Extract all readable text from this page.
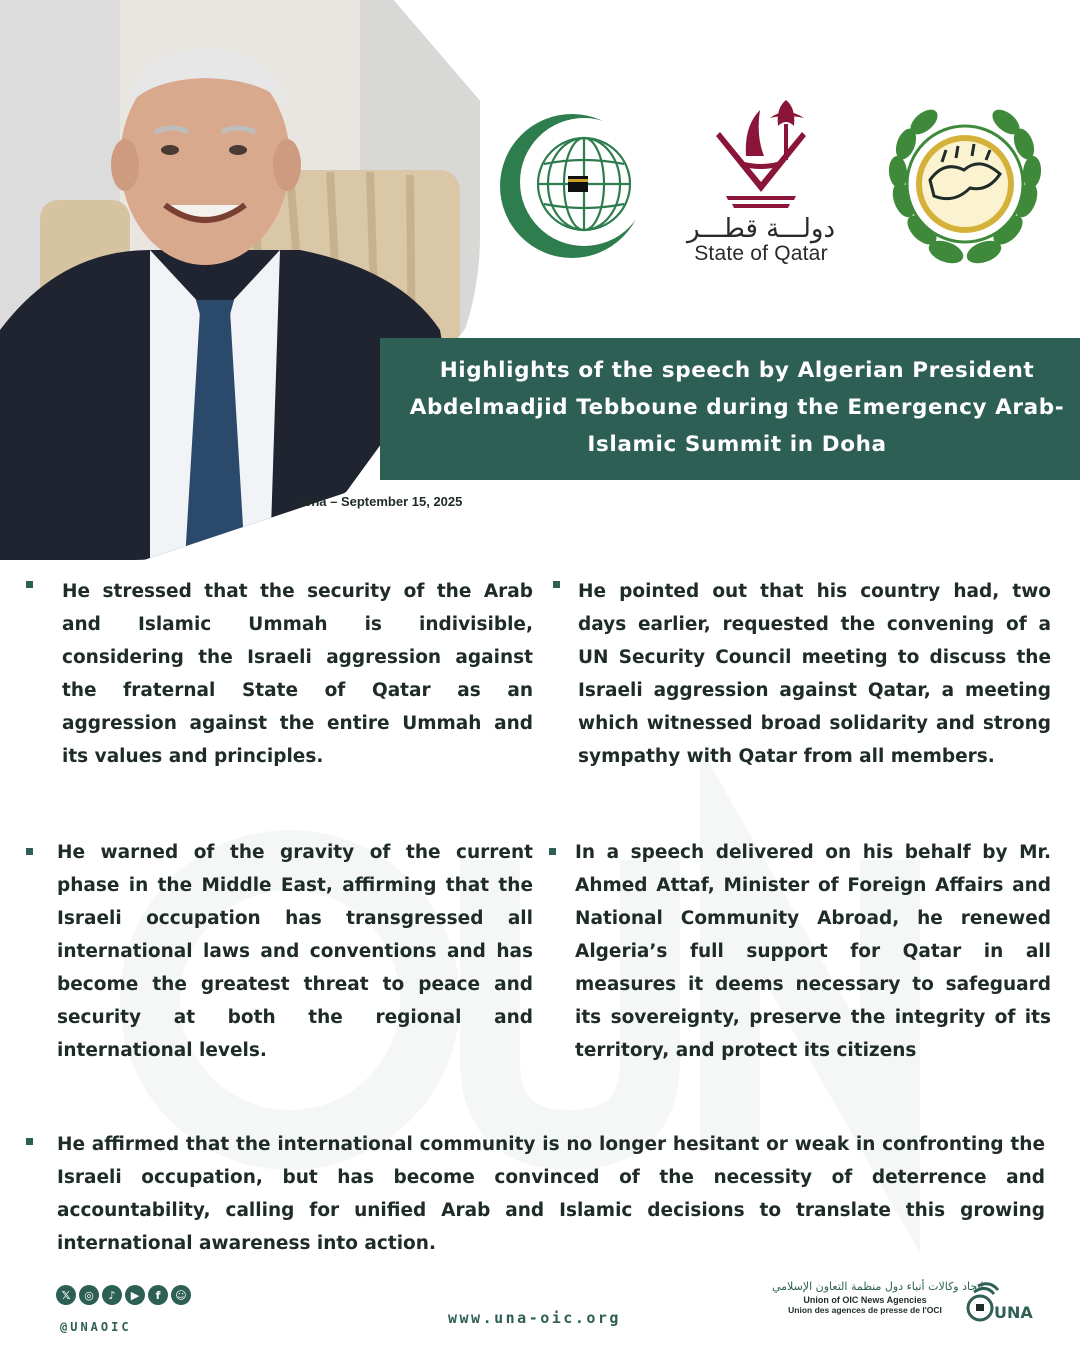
دولـــة قطـــر
State of Qatar
Highlights of the speech by Algerian President Abdelmadjid Tebboune during the Emergency Arab-Islamic Summit in Doha
Doha – September 15, 2025
He stressed that the security of the Arab and Islamic Ummah is indivisible, considering the Israeli aggression against the fraternal State of Qatar as an aggression against the entire Ummah and its values and principles.
He pointed out that his country had, two days earlier, requested the convening of a UN Security Council meeting to discuss the Israeli aggression against Qatar, a meeting which witnessed broad solidarity and strong sympathy with Qatar from all members.
He warned of the gravity of the current phase in the Middle East, affirming that the Israeli occupation has transgressed all international laws and conventions and has become the greatest threat to peace and security at both the regional and international levels.
In a speech delivered on his behalf by Mr. Ahmed Attaf, Minister of Foreign Affairs and National Community Abroad, he renewed Algeria’s full support for Qatar in all measures it deems necessary to safeguard its sovereignty, preserve the integrity of its territory, and protect its citizens
He affirmed that the international community is no longer hesitant or weak in confronting the Israeli occupation, but has become convinced of the necessity of deterrence and accountability, calling for unified Arab and Islamic decisions to translate this growing international awareness into action.
𝕏	◎	♪	▶	f	☺
@UNAOIC	www.una-oic.org
اتحاد وكالات أنباء دول منظمة التعاون الإسلامي
Union of OIC News Agencies
Union des agences de presse de l'OCI	UNA
